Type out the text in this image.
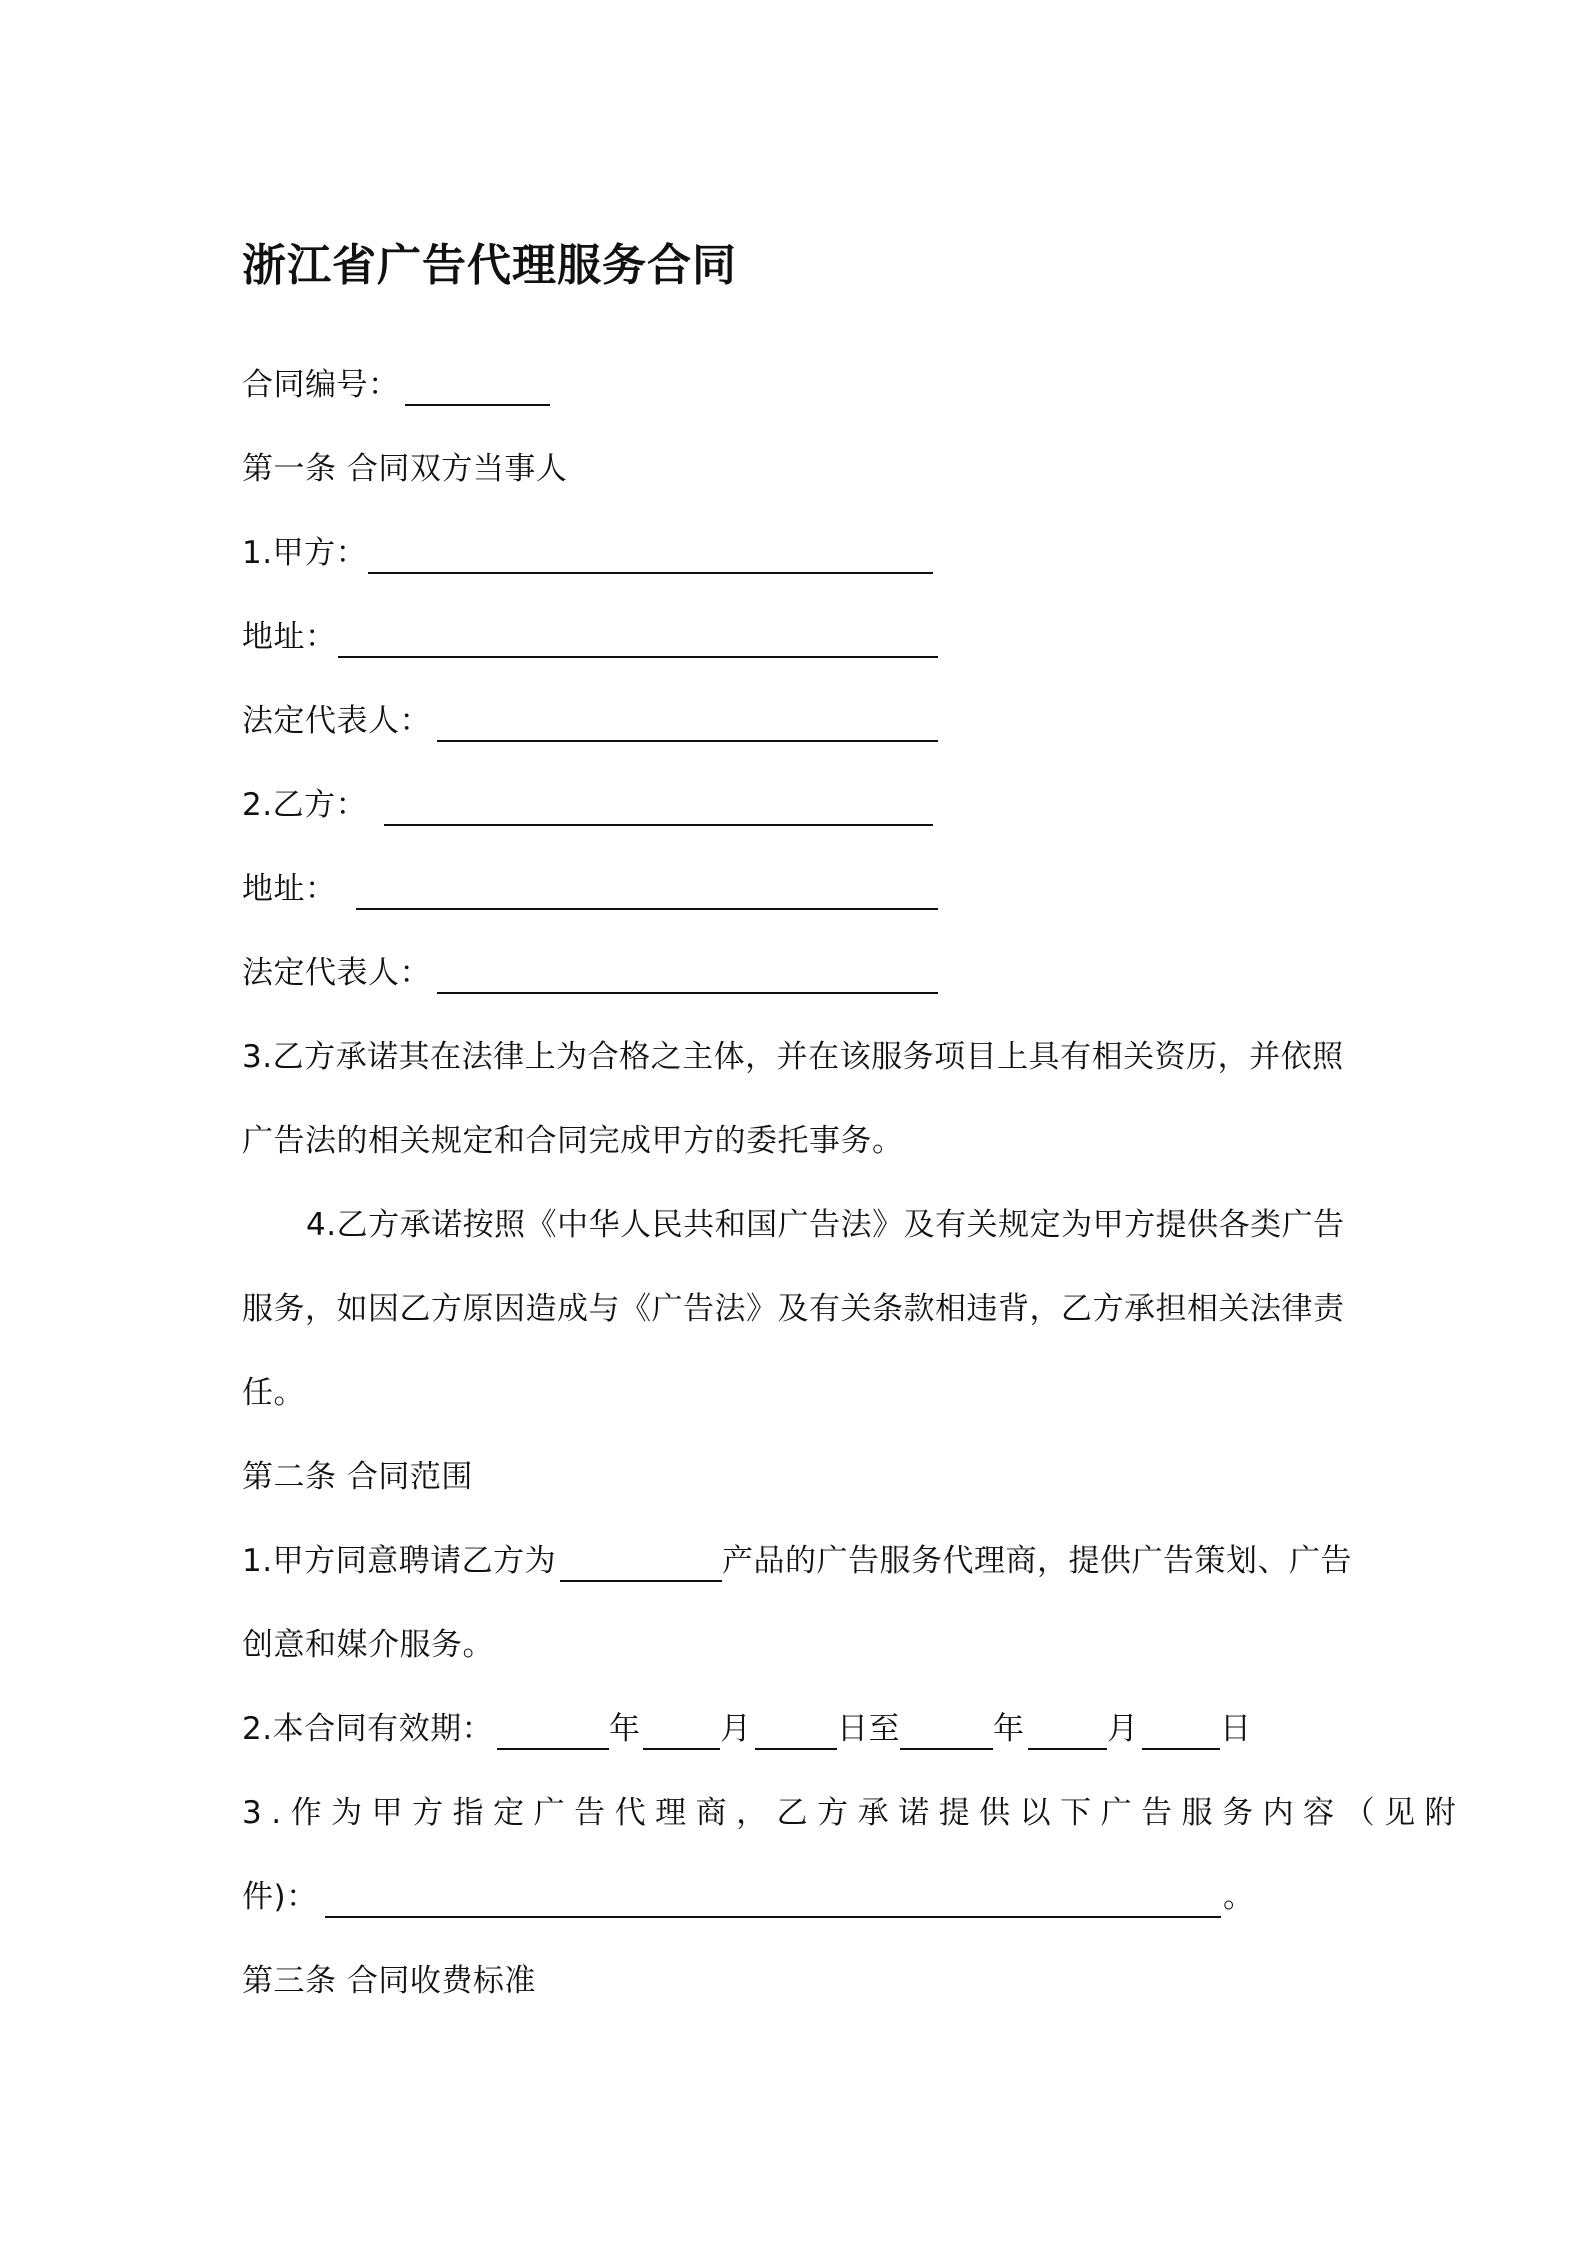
浙江省广告代理服务合同
合同编号：
第一条 合同双方当事人
1.甲方：
地址：
法定代表人：
2.乙方：
地址：
法定代表人：
3.乙方承诺其在法律上为合格之主体，并在该服务项目上具有相关资历，并依照
广告法的相关规定和合同完成甲方的委托事务。
4.乙方承诺按照《中华人民共和国广告法》及有关规定为甲方提供各类广告
服务，如因乙方原因造成与《广告法》及有关条款相违背，乙方承担相关法律责
任。
第二条 合同范围
1.甲方同意聘请乙方为	产品的广告服务代理商，提供广告策划、广告
创意和媒介服务。
2.本合同有效期：	年	月	日至	年	月	日
3.作为甲方指定广告代理商，乙方承诺提供以下广告服务内容（见附
件)：	。
第三条 合同收费标准
